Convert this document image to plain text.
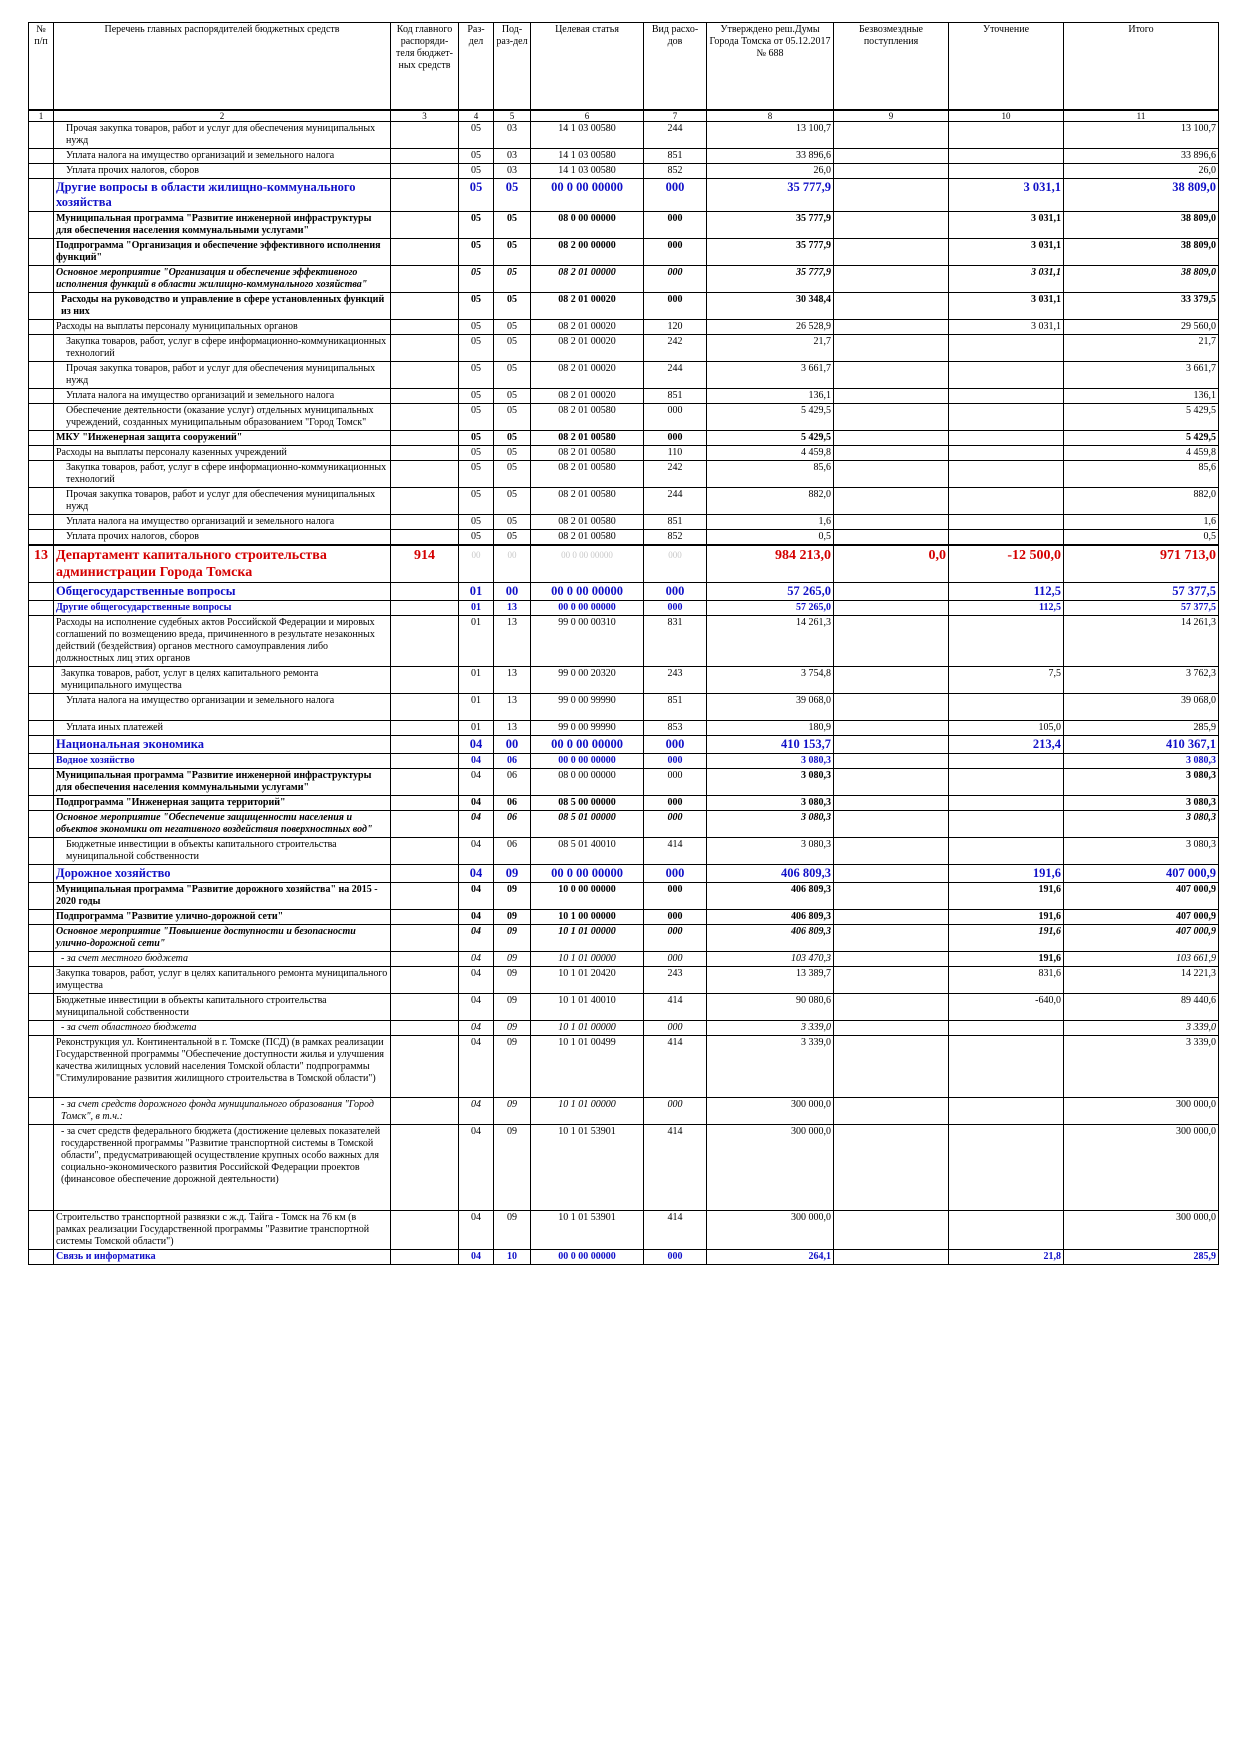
№ п/п	Перечень главных распорядителей бюджетных средств	Код главного распоряди-теля бюджет-ных средств	Раз-дел	Под-раз-дел	Целевая статья	Вид расхо-дов	Утверждено реш.Думы Города Томска от 05.12.2017 № 688	Безвозмездные поступления	Уточнение	Итого
1	2	3	4	5	6	7	8	9	10	11
	Прочая закупка товаров, работ и услуг для обеспечения муниципальных нужд		05	03	14 1 03 00580	244	13 100,7			13 100,7
	Уплата налога на имущество организаций и земельного налога		05	03	14 1 03 00580	851	33 896,6			33 896,6
	Уплата прочих налогов, сборов		05	03	14 1 03 00580	852	26,0			26,0
	Другие вопросы в области жилищно-коммунального хозяйства		05	05	00 0 00 00000	000	35 777,9		3 031,1	38 809,0
	Муниципальная программа "Развитие инженерной инфраструктуры для обеспечения населения коммунальными услугами"		05	05	08 0 00 00000	000	35 777,9		3 031,1	38 809,0
	Подпрограмма "Организация и обеспечение эффективного исполнения функций"		05	05	08 2 00 00000	000	35 777,9		3 031,1	38 809,0
	Основное мероприятие "Организация и обеспечение эффективного исполнения функций в области жилищно-коммунального хозяйства"		05	05	08 2 01 00000	000	35 777,9		3 031,1	38 809,0
	Расходы на руководство и управление в сфере установленных функций из них		05	05	08 2 01 00020	000	30 348,4		3 031,1	33 379,5
	Расходы на выплаты персоналу муниципальных органов		05	05	08 2 01 00020	120	26 528,9		3 031,1	29 560,0
	Закупка товаров, работ, услуг в сфере информационно-коммуникационных технологий		05	05	08 2 01 00020	242	21,7			21,7
	Прочая закупка товаров, работ и услуг для обеспечения муниципальных нужд		05	05	08 2 01 00020	244	3 661,7			3 661,7
	Уплата налога на имущество организаций и земельного налога		05	05	08 2 01 00020	851	136,1			136,1
	Обеспечение деятельности (оказание услуг) отдельных муниципальных учреждений, созданных муниципальным образованием "Город Томск"		05	05	08 2 01 00580	000	5 429,5			5 429,5
	МКУ "Инженерная защита сооружений"		05	05	08 2 01 00580	000	5 429,5			5 429,5
	Расходы на выплаты персоналу казенных учреждений		05	05	08 2 01 00580	110	4 459,8			4 459,8
	Закупка товаров, работ, услуг в сфере информационно-коммуникационных технологий		05	05	08 2 01 00580	242	85,6			85,6
	Прочая закупка товаров, работ и услуг для обеспечения муниципальных нужд		05	05	08 2 01 00580	244	882,0			882,0
	Уплата налога на имущество организаций и земельного налога		05	05	08 2 01 00580	851	1,6			1,6
	Уплата прочих налогов, сборов		05	05	08 2 01 00580	852	0,5			0,5
13	Департамент капитального строительства администрации Города Томска	914	00	00	00 0 00 00000	000	984 213,0	0,0	-12 500,0	971 713,0
	Общегосударственные вопросы		01	00	00 0 00 00000	000	57 265,0		112,5	57 377,5
	Другие общегосударственные вопросы		01	13	00 0 00 00000	000	57 265,0		112,5	57 377,5
	Расходы на исполнение судебных актов Российской Федерации и мировых соглашений по возмещению вреда, причиненного в результате незаконных действий (бездействия) органов местного самоуправления либо должностных лиц этих органов		01	13	99 0 00 00310	831	14 261,3			14 261,3
	Закупка товаров, работ, услуг в целях капитального ремонта муниципального имущества		01	13	99 0 00 20320	243	3 754,8		7,5	3 762,3
	Уплата налога на имущество организации и земельного налога		01	13	99 0 00 99990	851	39 068,0			39 068,0
	Уплата иных платежей		01	13	99 0 00 99990	853	180,9		105,0	285,9
	Национальная экономика		04	00	00 0 00 00000	000	410 153,7		213,4	410 367,1
	Водное хозяйство		04	06	00 0 00 00000	000	3 080,3			3 080,3
	Муниципальная программа "Развитие инженерной инфраструктуры для обеспечения населения коммунальными услугами"		04	06	08 0 00 00000	000	3 080,3			3 080,3
	Подпрограмма "Инженерная защита территорий"		04	06	08 5 00 00000	000	3 080,3			3 080,3
	Основное мероприятие "Обеспечение защищенности населения и объектов экономики от негативного воздействия поверхностных вод"		04	06	08 5 01 00000	000	3 080,3			3 080,3
	Бюджетные инвестиции в объекты капитального строительства муниципальной собственности		04	06	08 5 01 40010	414	3 080,3			3 080,3
	Дорожное хозяйство		04	09	00 0 00 00000	000	406 809,3		191,6	407 000,9
	Муниципальная программа "Развитие дорожного хозяйства" на 2015 - 2020 годы		04	09	10 0 00 00000	000	406 809,3		191,6	407 000,9
	Подпрограмма "Развитие улично-дорожной сети"		04	09	10 1 00 00000	000	406 809,3		191,6	407 000,9
	Основное мероприятие "Повышение доступности и безопасности улично-дорожной сети"		04	09	10 1 01 00000	000	406 809,3		191,6	407 000,9
	- за счет местного бюджета		04	09	10 1 01 00000	000	103 470,3		191,6	103 661,9
	Закупка товаров, работ, услуг в целях капитального ремонта муниципального имущества		04	09	10 1 01 20420	243	13 389,7		831,6	14 221,3
	Бюджетные инвестиции в объекты капитального строительства муниципальной собственности		04	09	10 1 01 40010	414	90 080,6		-640,0	89 440,6
	- за счет областного бюджета		04	09	10 1 01 00000	000	3 339,0			3 339,0
	Реконструкция ул. Континентальной в г. Томске (ПСД) (в рамках реализации Государственной программы "Обеспечение доступности жилья и улучшения качества жилищных условий населения Томской области" подпрограммы "Стимулирование развития жилищного строительства в Томской области")		04	09	10 1 01 00499	414	3 339,0			3 339,0
	- за счет средств дорожного фонда муниципального образования "Город Томск", в т.ч.:		04	09	10 1 01 00000	000	300 000,0			300 000,0
	- за счет средств федерального бюджета (достижение целевых показателей государственной программы "Развитие транспортной системы в Томской области", предусматривающей осуществление крупных особо важных для социально-экономического развития Российской Федерации проектов (финансовое обеспечение дорожной деятельности)		04	09	10 1 01 53901	414	300 000,0			300 000,0
	Строительство транспортной развязки с ж.д. Тайга - Томск на 76 км (в рамках реализации Государственной программы "Развитие транспортной системы Томской области")		04	09	10 1 01 53901	414	300 000,0			300 000,0
	Связь и информатика		04	10	00 0 00 00000	000	264,1		21,8	285,9
